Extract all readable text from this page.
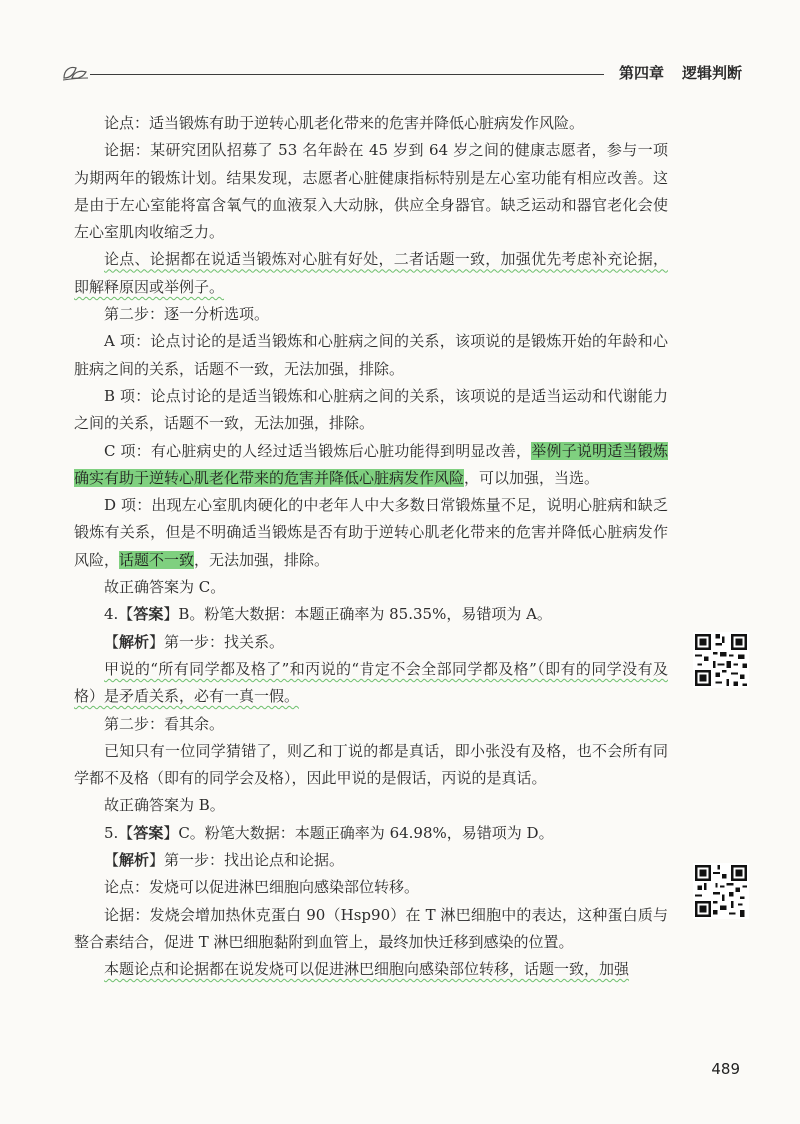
第四章 逻辑判断

论点：适当锻炼有助于逆转心肌老化带来的危害并降低心脏病发作风险。

论据：某研究团队招募了 53 名年龄在 45 岁到 64 岁之间的健康志愿者，参与一项为期两年的锻炼计划。结果发现，志愿者心脏健康指标特别是左心室功能有相应改善。这是由于左心室能将富含氧气的血液泵入大动脉，供应全身器官。缺乏运动和器官老化会使左心室肌肉收缩乏力。

论点、论据都在说适当锻炼对心脏有好处，二者话题一致，加强优先考虑补充论据，即解释原因或举例子。

第二步：逐一分析选项。

A 项：论点讨论的是适当锻炼和心脏病之间的关系，该项说的是锻炼开始的年龄和心脏病之间的关系，话题不一致，无法加强，排除。

B 项：论点讨论的是适当锻炼和心脏病之间的关系，该项说的是适当运动和代谢能力之间的关系，话题不一致，无法加强，排除。

C 项：有心脏病史的人经过适当锻炼后心脏功能得到明显改善，举例子说明适当锻炼确实有助于逆转心肌老化带来的危害并降低心脏病发作风险，可以加强，当选。

D 项：出现左心室肌肉硬化的中老年人中大多数日常锻炼量不足，说明心脏病和缺乏锻炼有关系，但是不明确适当锻炼是否有助于逆转心肌老化带来的危害并降低心脏病发作风险，话题不一致，无法加强，排除。

故正确答案为 C。

4.【答案】B。粉笔大数据：本题正确率为 85.35%，易错项为 A。

【解析】第一步：找关系。

甲说的“所有同学都及格了”和丙说的“肯定不会全部同学都及格”（即有的同学没有及格）是矛盾关系，必有一真一假。

第二步：看其余。

已知只有一位同学猜错了，则乙和丁说的都是真话，即小张没有及格，也不会所有同学都不及格（即有的同学会及格），因此甲说的是假话，丙说的是真话。

故正确答案为 B。

5.【答案】C。粉笔大数据：本题正确率为 64.98%，易错项为 D。

【解析】第一步：找出论点和论据。

论点：发烧可以促进淋巴细胞向感染部位转移。

论据：发烧会增加热休克蛋白 90（Hsp90）在 T 淋巴细胞中的表达，这种蛋白质与整合素结合，促进 T 淋巴细胞黏附到血管上，最终加快迁移到感染的位置。

本题论点和论据都在说发烧可以促进淋巴细胞向感染部位转移，话题一致，加强

489
